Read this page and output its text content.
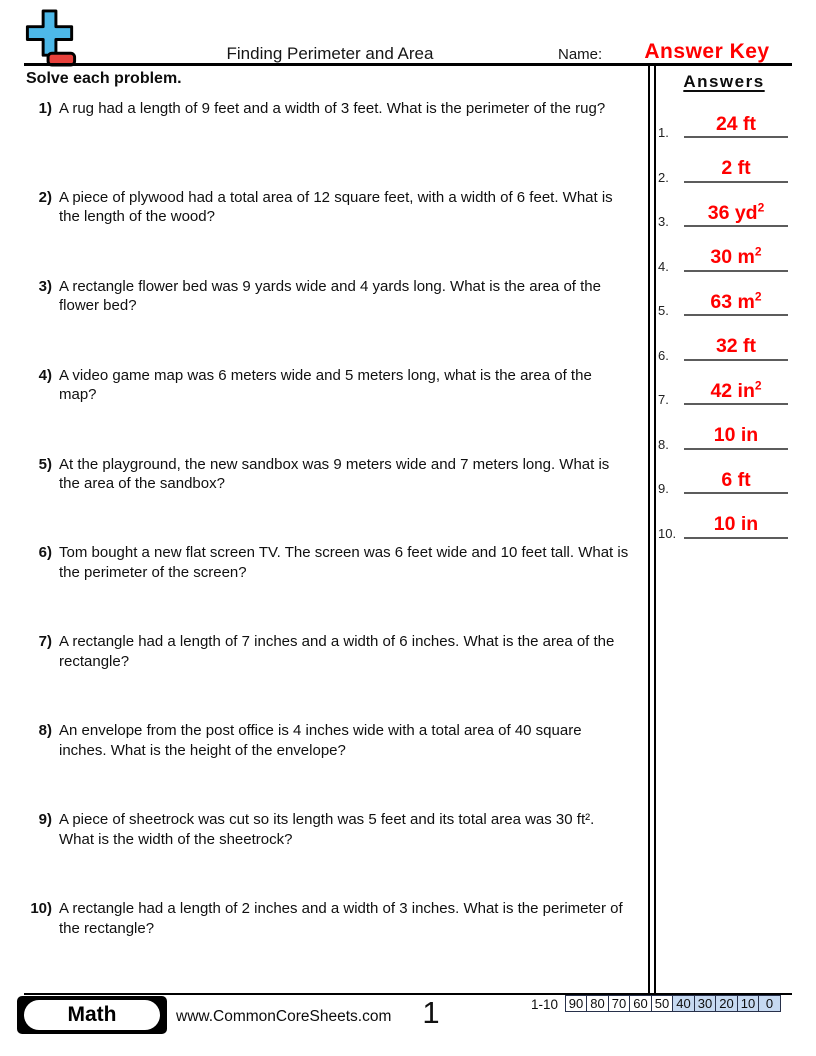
Finding Perimeter and Area	Name:	Answer Key
Solve each problem.
1) A rug had a length of 9 feet and a width of 3 feet. What is the perimeter of the rug?
2) A piece of plywood had a total area of 12 square feet, with a width of 6 feet. What is the length of the wood?
3) A rectangle flower bed was 9 yards wide and 4 yards long. What is the area of the flower bed?
4) A video game map was 6 meters wide and 5 meters long, what is the area of the map?
5) At the playground, the new sandbox was 9 meters wide and 7 meters long. What is the area of the sandbox?
6) Tom bought a new flat screen TV. The screen was 6 feet wide and 10 feet tall. What is the perimeter of the screen?
7) A rectangle had a length of 7 inches and a width of 6 inches. What is the area of the rectangle?
8) An envelope from the post office is 4 inches wide with a total area of 40 square inches. What is the height of the envelope?
9) A piece of sheetrock was cut so its length was 5 feet and its total area was 30 ft². What is the width of the sheetrock?
10) A rectangle had a length of 2 inches and a width of 3 inches. What is the perimeter of the rectangle?
Answers
1.	24 ft
2.	2 ft
3.	36 $yd^2$
4.	30 $m^2$
5.	63 $m^2$
6.	32 ft
7.	42 $in^2$
8.	10 in
9.	6 ft
10.	10 in
Math	www.CommonCoreSheets.com	1	1-10 90 80 70 60 50 40 30 20 10 0
